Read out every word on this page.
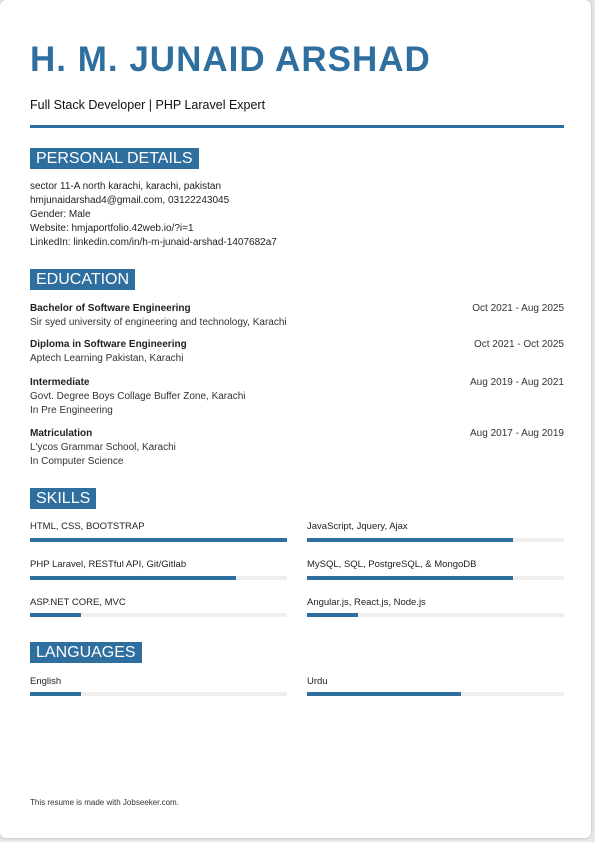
H. M. JUNAID ARSHAD
Full Stack Developer | PHP Laravel Expert
PERSONAL DETAILS
sector 11-A north karachi, karachi, pakistan
hmjunaidarshad4@gmail.com, 03122243045
Gender: Male
Website: hmjaportfolio.42web.io/?i=1
LinkedIn: linkedin.com/in/h-m-junaid-arshad-1407682a7
EDUCATION
Bachelor of Software Engineering	Oct 2021 - Aug 2025
Sir syed university of engineering and technology, Karachi
Diploma in Software Engineering	Oct 2021 - Oct 2025
Aptech Learning Pakistan, Karachi
Intermediate	Aug 2019 - Aug 2021
Govt. Degree Boys Collage Buffer Zone, Karachi
In Pre Engineering
Matriculation	Aug 2017 - Aug 2019
L'ycos Grammar School, Karachi
In Computer Science
SKILLS
HTML, CSS, BOOTSTRAP	JavaScript, Jquery, Ajax
PHP Laravel, RESTful API, Git/Gitlab	MySQL, SQL, PostgreSQL, & MongoDB
ASP.NET CORE, MVC	Angular.js, React.js, Node.js
LANGUAGES
English	Urdu
This resume is made with Jobseeker.com.
